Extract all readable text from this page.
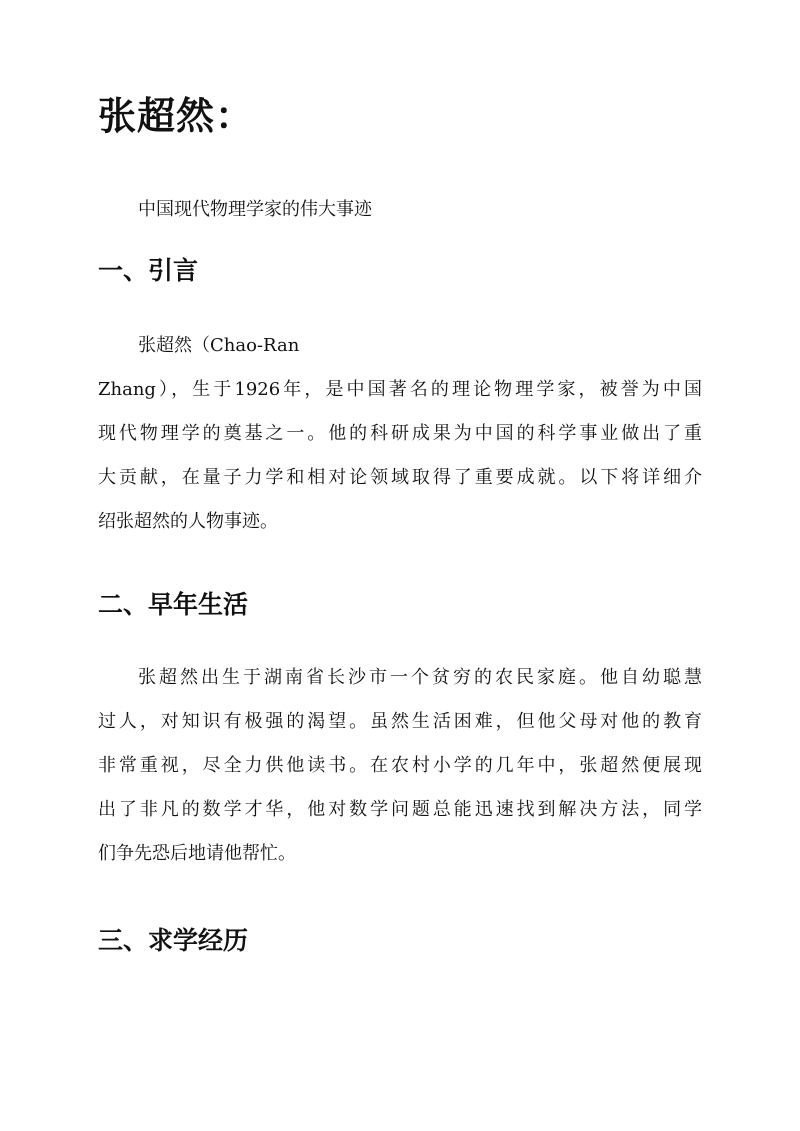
张超然：

中国现代物理学家的伟大事迹

一、引言
张超然（Chao-Ran
Zhang），生于1926年，是中国著名的理论物理学家，被誉为中国
现代物理学的奠基之一。他的科研成果为中国的科学事业做出了重
大贡献，在量子力学和相对论领域取得了重要成就。以下将详细介
绍张超然的人物事迹。
二、早年生活
张超然出生于湖南省长沙市一个贫穷的农民家庭。他自幼聪慧
过人，对知识有极强的渴望。虽然生活困难，但他父母对他的教育
非常重视，尽全力供他读书。在农村小学的几年中，张超然便展现
出了非凡的数学才华，他对数学问题总能迅速找到解决方法，同学
们争先恐后地请他帮忙。
三、求学经历
